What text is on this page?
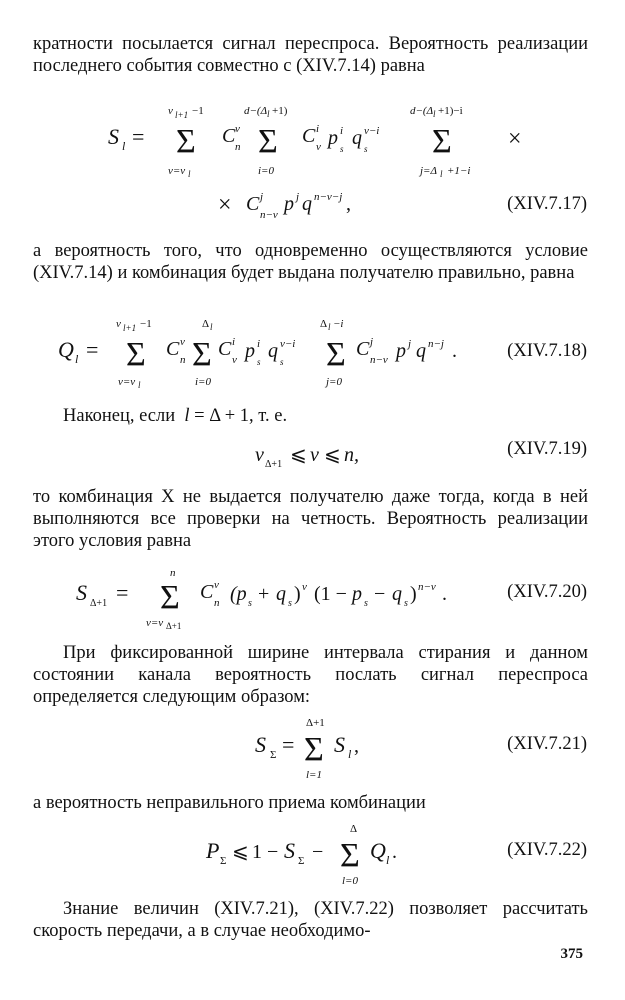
кратности посылается сигнал переспроса. Вероятность реализации последнего события совместно с (XIV.7.14) равна

S l =
ν l+1 −1
Σ
ν=ν l
C ν
n
d−(Δ l +1)
Σ
i=0
C i
ν p i
s q ν−i
s
d−(Δ l +1)−i
Σ
j=Δ l +1−i
×
× C j
n−ν p j q n−ν−j ,	(XIV.7.17)

а вероятность того, что одновременно осуществляются условие (XIV.7.14) и комбинация будет выдана получателю правильно, равна

Q l =
ν l+1 −1
Σ
ν=ν l
C ν
n
Δ l
Σ
i=0
C i
ν p i
s q ν−i
s
Δ l −i
Σ
j=0
C j
n−ν p j q n−j .	(XIV.7.18)
Наконец, если  l = Δ + 1, т. е.
ν Δ+1 ⩽ ν ⩽ n,	(XIV.7.19)

то комбинация X не выдается получателю даже тогда, когда в ней выполняются все проверки на четность. Вероятность реализации этого условия равна

S Δ+1 =
n
Σ
ν=ν Δ+1
C ν
n (p s + q s ) ν (1 − p s − q s ) n−ν .	(XIV.7.20)

При фиксированной ширине интервала стирания и данном состоянии канала вероятность послать сигнал переспроса определяется следующим образом:

S Σ =
Δ+1
Σ
l=1
S l ,	(XIV.7.21)

а вероятность неправильного приема комбинации

P Σ ⩽ 1 − S Σ −
Δ
Σ
l=0
Q l .	(XIV.7.22)

Знание величин (XIV.7.21), (XIV.7.22) позволяет рассчитать скорость передачи, а в случае необходимо-

375
